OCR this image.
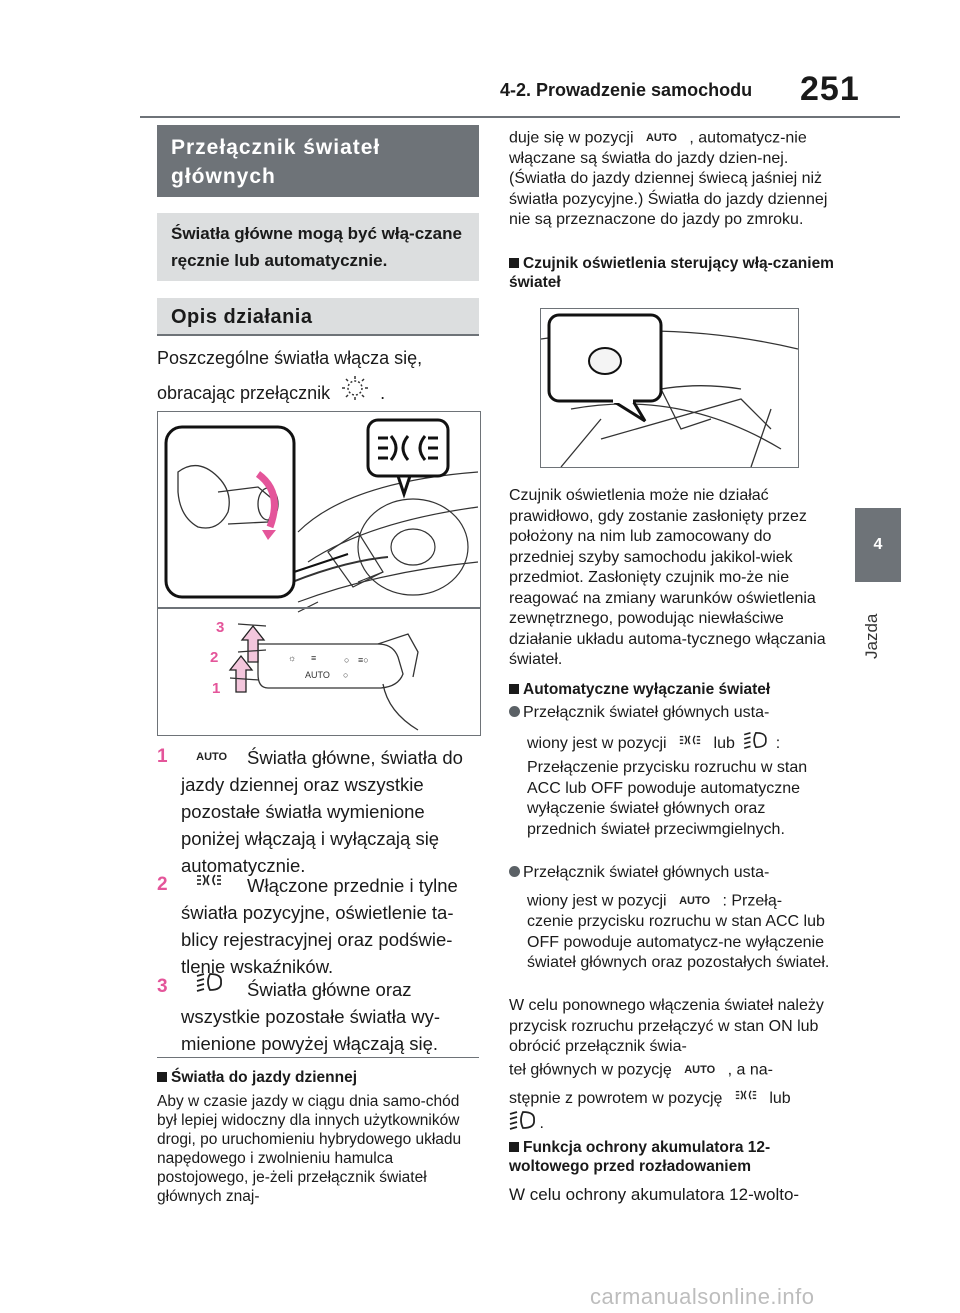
4-2. Prowadzenie samochodu 251
4
Jazda
Przełącznik świateł głównych
Światła główne mogą być włą-czane ręcznie lub automatycznie.
Opis działania
Poszczególne światła włącza się,
obracając przełącznik	.
☼ ≡	○ ≡○
AUTO ○
3
2
1
1	AUTO	Światła główne, światła do jazdy dziennej oraz wszystkie pozostałe światła wymienione poniżej włączają i wyłączają się automatycznie.
2	Włączone przednie i tylne światła pozycyjne, oświetlenie ta-blicy rejestracyjnej oraz podświe-tlenie wskaźników.
3	Światła główne oraz wszystkie pozostałe światła wy-mienione powyżej włączają się.
Światła do jazdy dziennej
Aby w czasie jazdy w ciągu dnia samo-chód był lepiej widoczny dla innych użytkowników drogi, po uruchomieniu hybrydowego układu napędowego i zwolnieniu hamulca postojowego, je-żeli przełącznik świateł głównych znaj-
duje się w pozycji AUTO , automatycz-nie włączane są światła do jazdy dzien-nej. (Światła do jazdy dziennej świecą jaśniej niż światła pozycyjne.) Światła do jazdy dziennej nie są przeznaczone do jazdy po zmroku.
Czujnik oświetlenia sterujący włą-czaniem świateł
Czujnik oświetlenia może nie działać prawidłowo, gdy zostanie zasłonięty przez położony na nim lub zamocowany do przedniej szyby samochodu jakikol-wiek przedmiot. Zasłonięty czujnik mo-że nie reagować na zmiany warunków oświetlenia zewnętrznego, powodując niewłaściwe działanie układu automa-tycznego włączania świateł.
Automatyczne wyłączanie świateł
Przełącznik świateł głównych usta-
wiony jest w pozycji	lub	:
Przełączenie przycisku rozruchu w stan ACC lub OFF powoduje automatyczne wyłączenie świateł głównych oraz przednich świateł przeciwmgielnych.
Przełącznik świateł głównych usta-
wiony jest w pozycji AUTO : Przełą-
czenie przycisku rozruchu w stan ACC lub OFF powoduje automatycz-ne wyłączenie świateł głównych oraz pozostałych świateł.
W celu ponownego włączenia świateł należy przycisk rozruchu przełączyć w stan ON lub obrócić przełącznik świa-
teł głównych w pozycję AUTO , a na-
stępnie z powrotem w pozycję	lub
.
Funkcja ochrony akumulatora 12-woltowego przed rozładowaniem
W celu ochrony akumulatora 12-wolto-
carmanualsonline.info
